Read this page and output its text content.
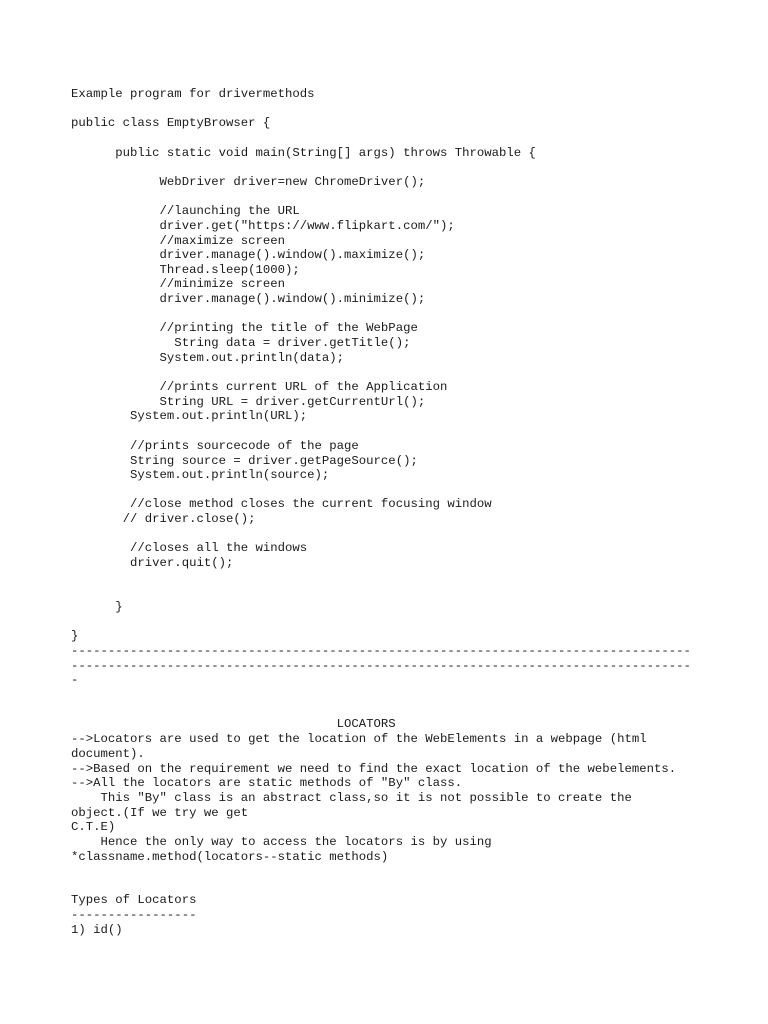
Example program for drivermethods
public class EmptyBrowser {
public static void main(String[] args) throws Throwable {
WebDriver driver=new ChromeDriver();
//launching the URL
driver.get("https://www.flipkart.com/");
//maximize screen
driver.manage().window().maximize();
Thread.sleep(1000);
//minimize screen
driver.manage().window().minimize();
//printing the title of the WebPage
String data = driver.getTitle();
System.out.println(data);
//prints current URL of the Application
String URL = driver.getCurrentUrl();
System.out.println(URL);
//prints sourcecode of the page
String source = driver.getPageSource();
System.out.println(source);
//close method closes the current focusing window
// driver.close();
//closes all the windows
driver.quit();
}
}
------------------------------------------------------------------------------------
------------------------------------------------------------------------------------
-
LOCATORS
-->Locators are used to get the location of the WebElements in a webpage (html
document).
-->Based on the requirement we need to find the exact location of the webelements.
-->All the locators are static methods of "By" class.
This "By" class is an abstract class,so it is not possible to create the
object.(If we try we get
C.T.E)
Hence the only way to access the locators is by using
*classname.method(locators--static methods)
Types of Locators
-----------------
1) id()
